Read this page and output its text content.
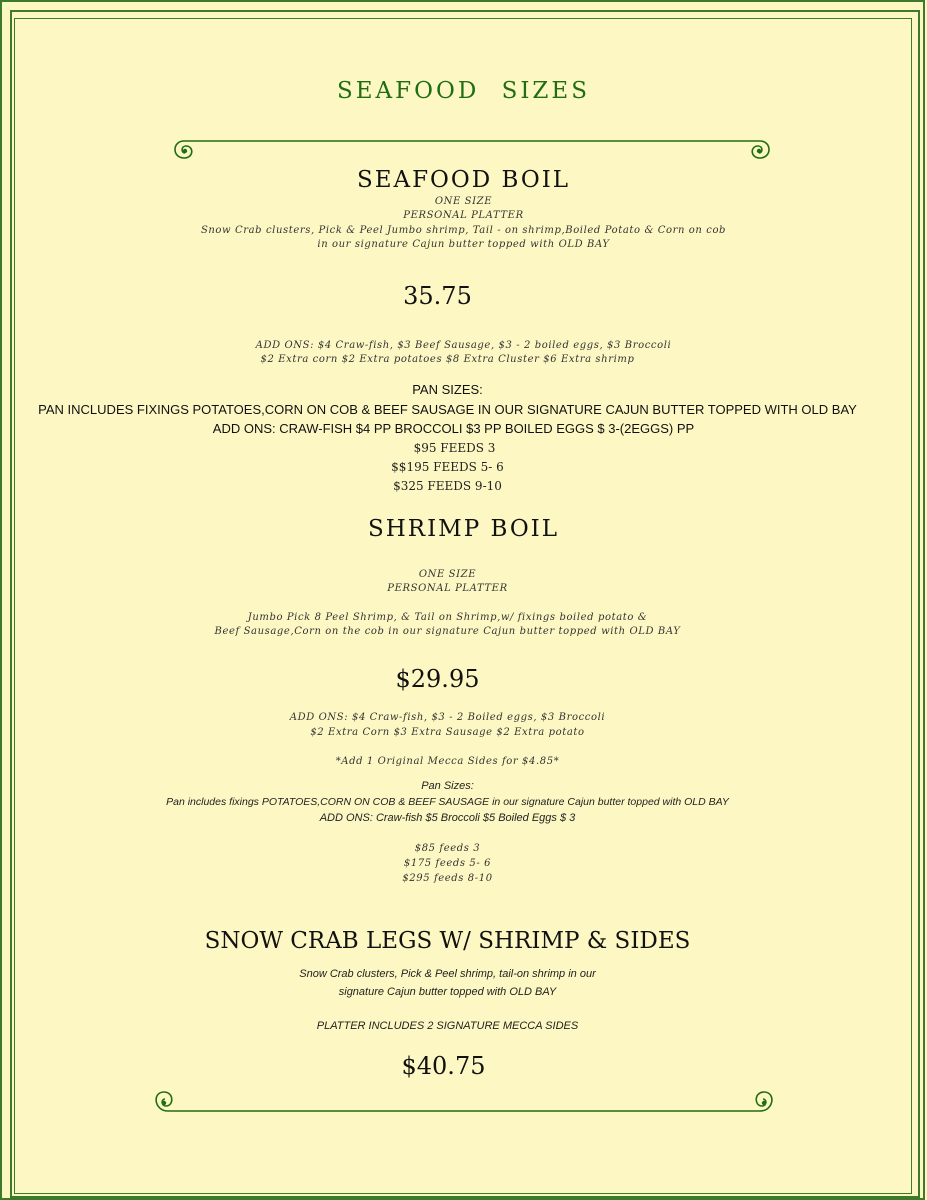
SEAFOOD SIZES
SEAFOOD BOIL
ONE SIZE
PERSONAL PLATTER
Snow Crab clusters, Pick & Peel Jumbo shrimp, Tail - on shrimp,Boiled Potato & Corn on cob
in our signature Cajun butter topped with OLD BAY
35.75
ADD ONS: $4 Craw-fish, $3 Beef Sausage, $3 - 2 boiled eggs, $3 Broccoli
$2 Extra corn $2 Extra potatoes $8 Extra Cluster $6 Extra shrimp
PAN SIZES:
PAN INCLUDES FIXINGS POTATOES,CORN ON COB & BEEF SAUSAGE IN OUR SIGNATURE CAJUN BUTTER TOPPED WITH OLD BAY
ADD ONS: CRAW-FISH $4 PP BROCCOLI $3 PP BOILED EGGS $ 3-(2EGGS) PP
$95 FEEDS 3
$$195 FEEDS 5- 6
$325 FEEDS 9-10
SHRIMP BOIL
ONE SIZE
PERSONAL PLATTER
Jumbo Pick 8 Peel Shrimp, & Tail on Shrimp,w/ fixings boiled potato &
Beef Sausage,Corn on the cob in our signature Cajun butter topped with OLD BAY
$29.95
ADD ONS: $4 Craw-fish, $3 - 2 Boiled eggs, $3 Broccoli
$2 Extra Corn $3 Extra Sausage $2 Extra potato
*Add 1 Original Mecca Sides for $4.85*
Pan Sizes:
Pan includes fixings POTATOES,CORN ON COB & BEEF SAUSAGE in our signature Cajun butter topped with OLD BAY
ADD ONS: Craw-fish $5 Broccoli $5 Boiled Eggs $ 3
$85 feeds 3
$175 feeds 5- 6
$295 feeds 8-10
SNOW CRAB LEGS W/ SHRIMP & SIDES
Snow Crab clusters, Pick & Peel shrimp, tail-on shrimp in our
signature Cajun butter topped with OLD BAY
PLATTER INCLUDES 2 SIGNATURE MECCA SIDES
$40.75
